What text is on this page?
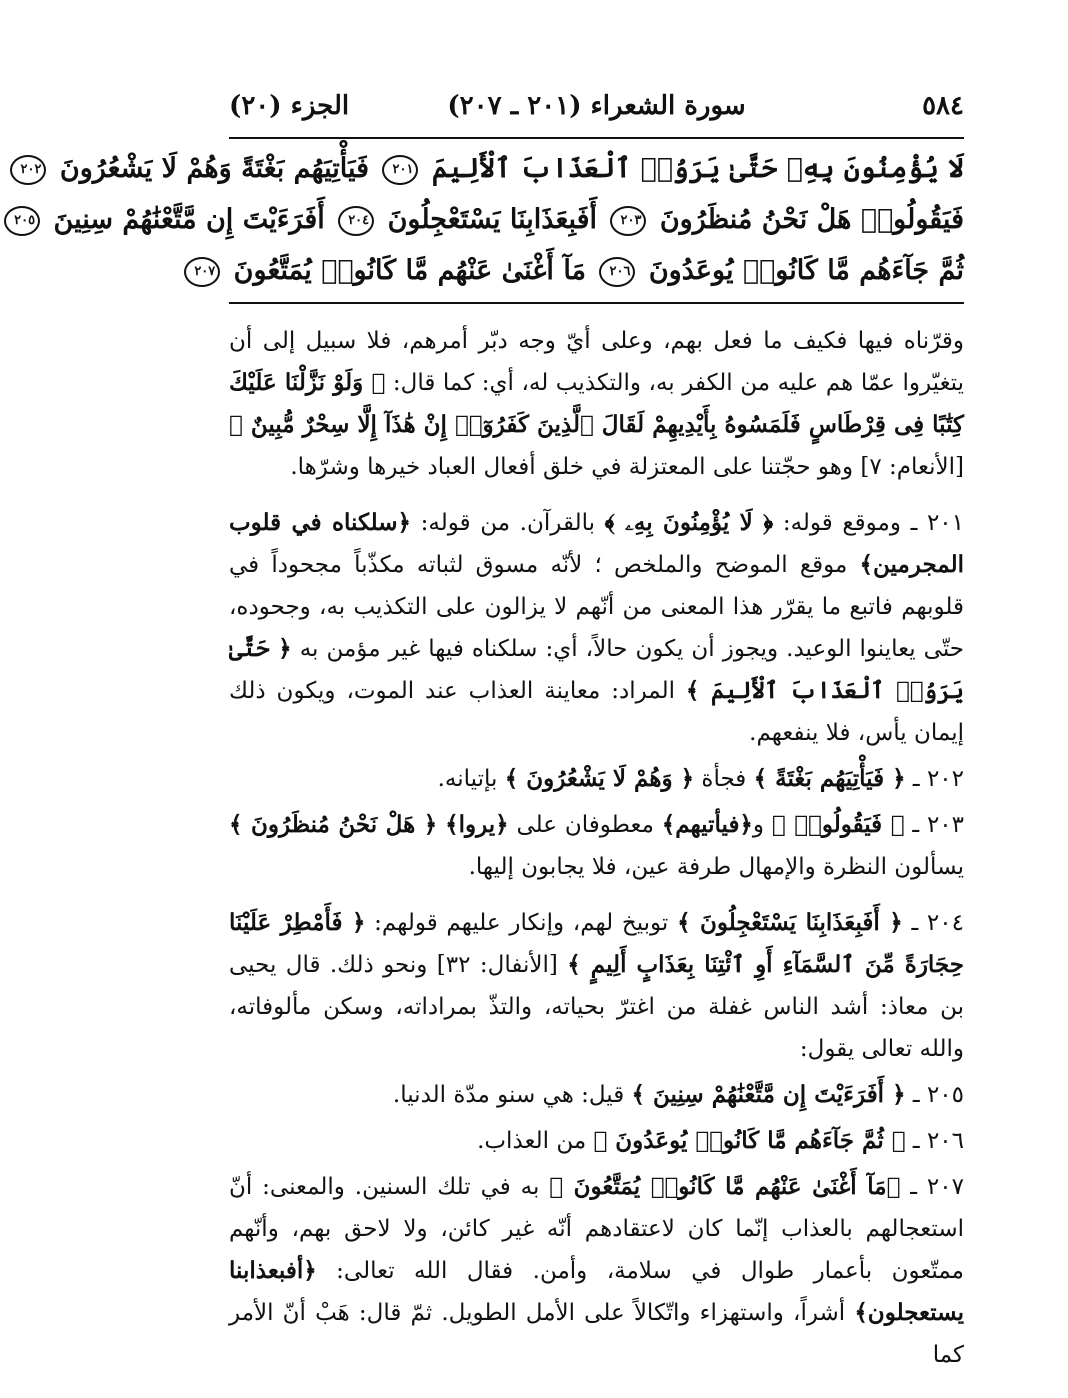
٥٨٤
سورة الشعراء (٢٠١ ـ ٢٠٧)
الجزء (٢٠)
لَا يُؤْمِنُونَ بِهِۦ حَتَّىٰ يَرَوُا۟ ٱلْعَذَابَ ٱلْأَلِيمَ ٢٠١ فَيَأْتِيَهُم بَغْتَةً وَهُمْ لَا يَشْعُرُونَ ٢٠٢
فَيَقُولُوا۟ هَلْ نَحْنُ مُنظَرُونَ ٢٠٣ أَفَبِعَذَابِنَا يَسْتَعْجِلُونَ ٢٠٤ أَفَرَءَيْتَ إِن مَّتَّعْنَٰهُمْ سِنِينَ ٢٠٥
ثُمَّ جَآءَهُم مَّا كَانُوا۟ يُوعَدُونَ ٢٠٦ مَآ أَغْنَىٰ عَنْهُم مَّا كَانُوا۟ يُمَتَّعُونَ ٢٠٧

وقرّناه فيها فكيف ما فعل بهم، وعلى أيّ وجه دبّر أمرهم، فلا سبيل إلى أن يتغيّروا عمّا هم عليه من الكفر به، والتكذيب له، أي: كما قال: ﴿ وَلَوْ نَزَّلْنَا عَلَيْكَ كِتَٰبًا فِى قِرْطَاسٍ فَلَمَسُوهُ بِأَيْدِيهِمْ لَقَالَ ٱلَّذِينَ كَفَرُوٓا۟ إِنْ هَٰذَآ إِلَّا سِحْرٌ مُّبِينٌ ﴾ [الأنعام: ٧] وهو حجّتنا على المعتزلة في خلق أفعال العباد خيرها وشرّها.

٢٠١ ـ وموقع قوله: ﴿ لَا يُؤْمِنُونَ بِهِۦ ﴾ بالقرآن. من قوله: ﴿سلكناه في قلوب المجرمين﴾ موقع الموضح والملخص ؛ لأنّه مسوق لثباته مكذّباً مجحوداً في قلوبهم فاتبع ما يقرّر هذا المعنى من أنّهم لا يزالون على التكذيب به، وجحوده، حتّى يعاينوا الوعيد. ويجوز أن يكون حالاً، أي: سلكناه فيها غير مؤمن به ﴿ حَتَّىٰ يَرَوُا۟ ٱلْعَذَابَ ٱلْأَلِيمَ ﴾ المراد: معاينة العذاب عند الموت، ويكون ذلك إيمان يأس، فلا ينفعهم.

٢٠٢ ـ ﴿ فَيَأْتِيَهُم بَغْتَةً ﴾ فجأة ﴿ وَهُمْ لَا يَشْعُرُونَ ﴾ بإتيانه.

٢٠٣ ـ ﴿ فَيَقُولُوا۟ ﴾ و﴿فيأتيهم﴾ معطوفان على ﴿يروا﴾ ﴿ هَلْ نَحْنُ مُنظَرُونَ ﴾ يسألون النظرة والإمهال طرفة عين، فلا يجابون إليها.

٢٠٤ ـ ﴿ أَفَبِعَذَابِنَا يَسْتَعْجِلُونَ ﴾ توبيخ لهم، وإنكار عليهم قولهم: ﴿ فَأَمْطِرْ عَلَيْنَا حِجَارَةً مِّنَ ٱلسَّمَآءِ أَوِ ٱئْتِنَا بِعَذَابٍ أَلِيمٍ ﴾ [الأنفال: ٣٢] ونحو ذلك. قال يحيى بن معاذ: أشد الناس غفلة من اغترّ بحياته، والتذّ بمراداته، وسكن مألوفاته، والله تعالى يقول:

٢٠٥ ـ ﴿ أَفَرَءَيْتَ إِن مَّتَّعْنَٰهُمْ سِنِينَ ﴾ قيل: هي سنو مدّة الدنيا.

٢٠٦ ـ ﴿ ثُمَّ جَآءَهُم مَّا كَانُوا۟ يُوعَدُونَ ﴾ من العذاب.

٢٠٧ ـ ﴿مَآ أَغْنَىٰ عَنْهُم مَّا كَانُوا۟ يُمَتَّعُونَ ﴾ به في تلك السنين. والمعنى: أنّ استعجالهم بالعذاب إنّما كان لاعتقادهم أنّه غير كائن، ولا لاحق بهم، وأنّهم ممتّعون بأعمار طوال في سلامة، وأمن. فقال الله تعالى: ﴿أفبعذابنا يستعجلون﴾ أشراً، واستهزاء واتّكالاً على الأمل الطويل. ثمّ قال: هَبْ أنّ الأمر كما
